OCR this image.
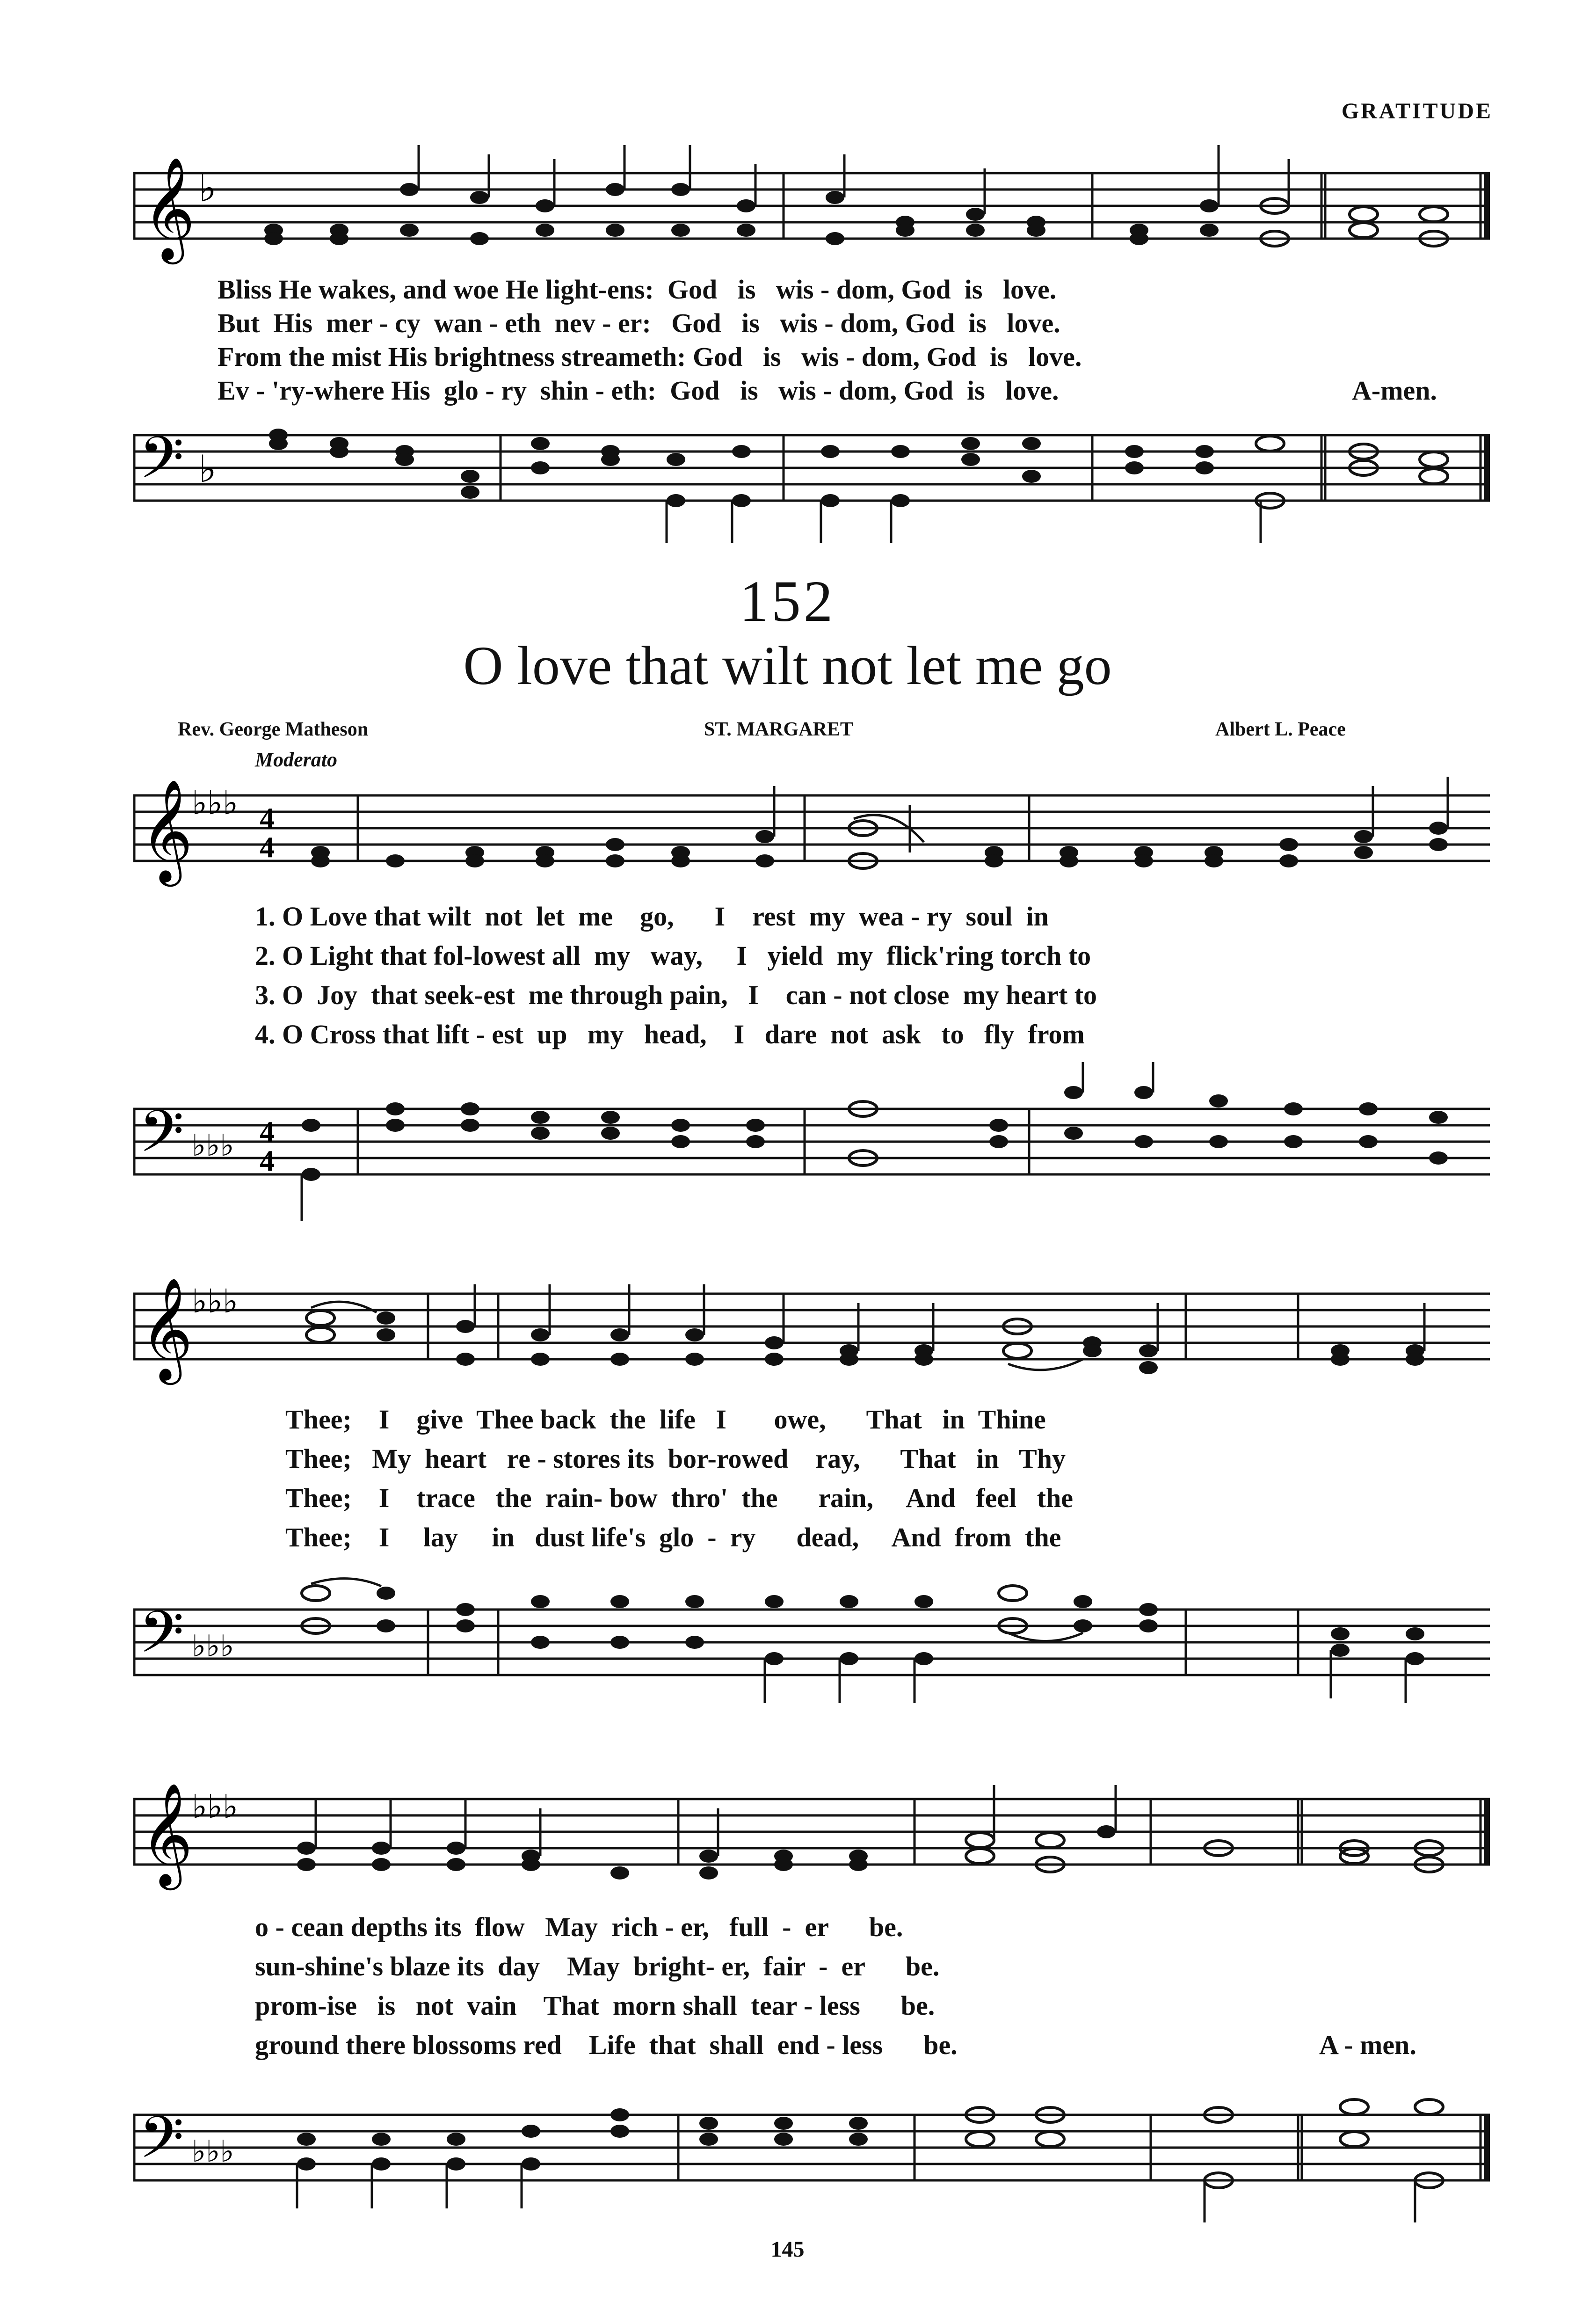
GRATITUDE
𝄞 ♭
Bliss He wakes, and woe He light-ens:  God   is   wis - dom, God  is   love.
But  His  mer - cy  wan - eth  nev - er:   God   is   wis - dom, God  is   love.
From the mist His brightness streameth: God   is   wis - dom, God  is   love.
Ev - 'ry-where His  glo - ry  shin - eth:  God   is   wis - dom, God  is   love.	A-men.
𝄢 ♭
152
O love that wilt not let me go
Rev. George Matheson	ST. MARGARET	Albert L. Peace
Moderato
𝄞
♭♭♭ 4
4
1. O Love that wilt  not  let  me    go,      I    rest  my  wea - ry  soul  in
2. O Light that fol-lowest all  my   way,     I   yield  my  flick'ring torch to
3. O  Joy  that seek-est  me through pain,   I    can - not close  my heart to
4. O Cross that lift - est  up   my   head,    I   dare  not  ask   to   fly  from
𝄢 ♭♭♭ 4
4
𝄞
♭♭♭
Thee;    I    give  Thee back  the  life   I       owe,      That   in  Thine
Thee;   My  heart   re - stores its  bor-rowed    ray,      That   in   Thy
Thee;    I    trace   the  rain- bow  thro'  the      rain,     And   feel   the
Thee;    I     lay     in   dust life's  glo  -  ry      dead,     And  from  the
𝄢 ♭♭♭
𝄞
♭♭♭
o - cean depths its  flow   May  rich - er,   full  -  er      be.
sun-shine's blaze its  day    May  bright- er,  fair  -  er      be.
prom-ise   is   not  vain    That  morn shall  tear - less      be.
ground there blossoms red    Life  that  shall  end - less      be.	A - men.
𝄢 ♭♭♭
145
